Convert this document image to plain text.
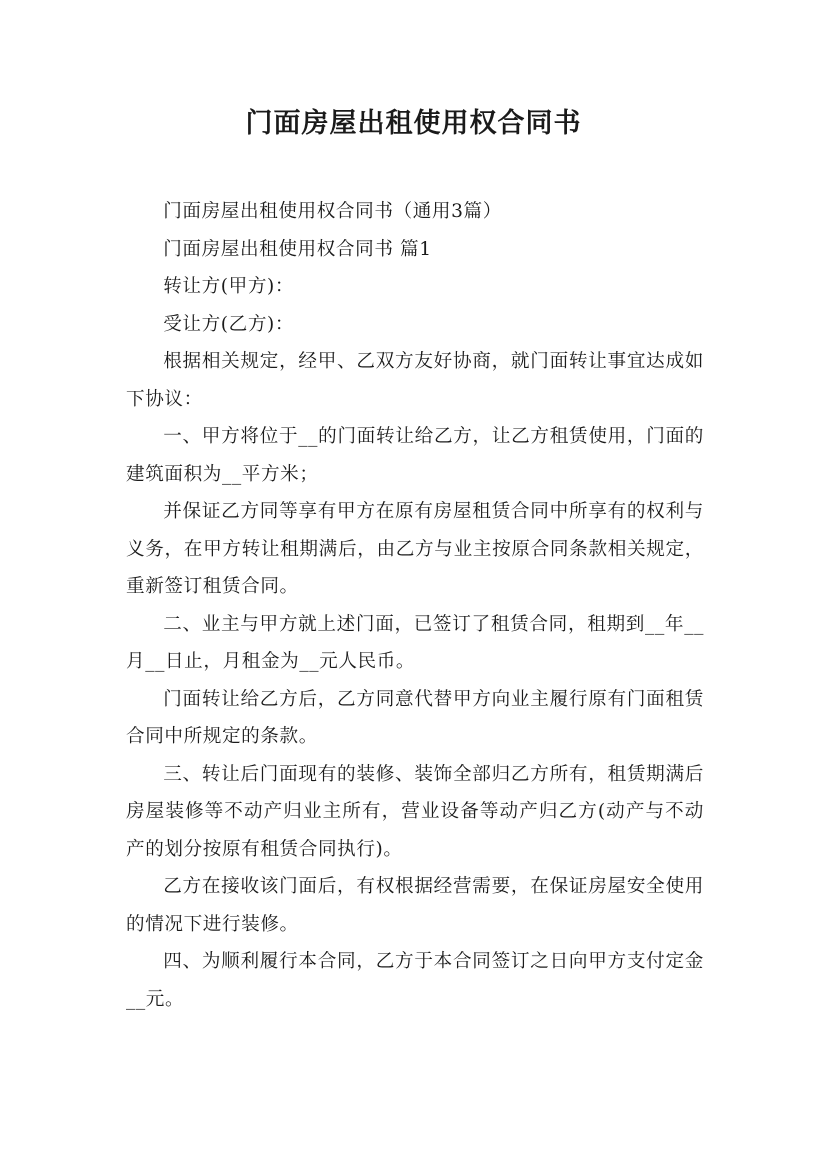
门面房屋出租使用权合同书

门面房屋出租使用权合同书（通用3篇）

门面房屋出租使用权合同书 篇1

转让方(甲方)：

受让方(乙方)：

根据相关规定，经甲、乙双方友好协商，就门面转让事宜达成如下协议：

一、甲方将位于__的门面转让给乙方，让乙方租赁使用，门面的建筑面积为__平方米；

并保证乙方同等享有甲方在原有房屋租赁合同中所享有的权利与义务，在甲方转让租期满后，由乙方与业主按原合同条款相关规定，重新签订租赁合同。

二、业主与甲方就上述门面，已签订了租赁合同，租期到__年__月__日止，月租金为__元人民币。

门面转让给乙方后，乙方同意代替甲方向业主履行原有门面租赁合同中所规定的条款。

三、转让后门面现有的装修、装饰全部归乙方所有，租赁期满后房屋装修等不动产归业主所有，营业设备等动产归乙方(动产与不动产的划分按原有租赁合同执行)。

乙方在接收该门面后，有权根据经营需要，在保证房屋安全使用的情况下进行装修。

四、为顺利履行本合同，乙方于本合同签订之日向甲方支付定金__元。
